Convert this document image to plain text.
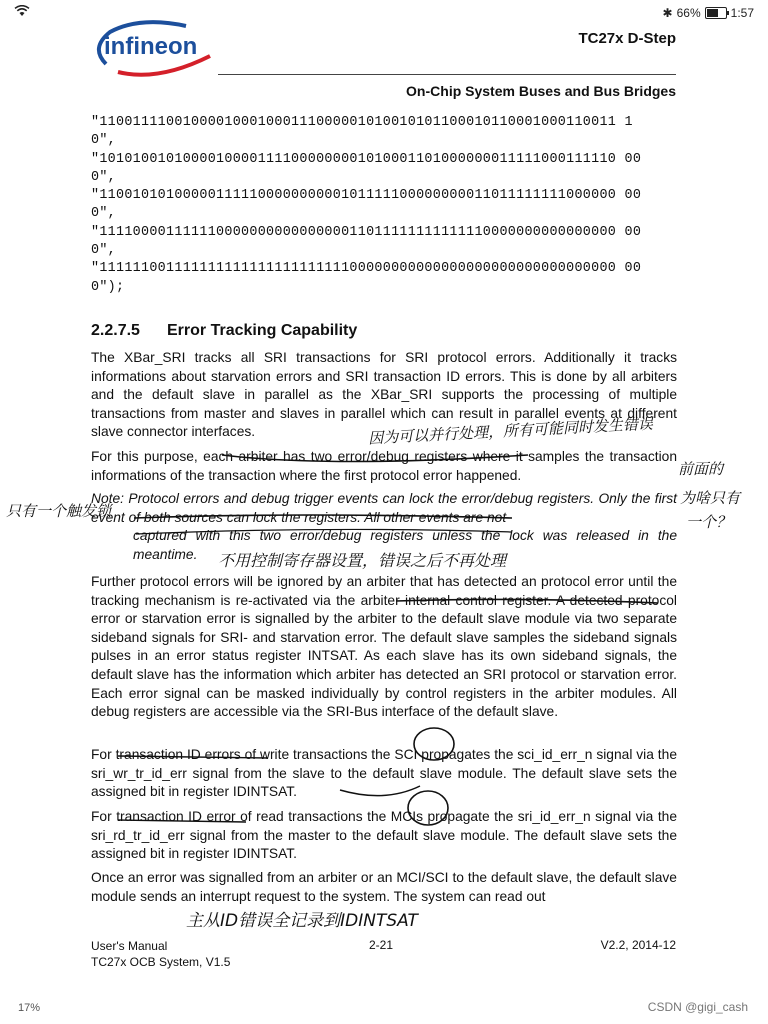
✱ 66%	1:57
infineon	TC27x D-Step
On-Chip System Buses and Bus Bridges
"11001111001000010001000111000001010010101100010110001000110011 1
0",
"10101001010000100001111000000001010001101000000011111000111110 00
0",
"11001010100000111110000000000101111100000000011011111111000000 00
0",
"11110000111111000000000000000011011111111111110000000000000000 00
0",
"11111100111111111111111111111100000000000000000000000000000000 00
0");
2.2.7.5 Error Tracking Capability

The XBar_SRI tracks all SRI transactions for SRI protocol errors. Additionally it tracks informations about starvation errors and SRI transaction ID errors. This is done by all arbiters and the default slave in parallel as the XBar_SRI supports the processing of multiple transactions from master and slaves in parallel which can result in parallel events at different slave connector interfaces.

For this purpose, each arbiter has two error/debug registers where it samples the transaction informations of the transaction where the first protocol error happened.

Note: Protocol errors and debug trigger events can lock the error/debug registers. Only the first event of both sources can lock the registers. All other events are not

captured with this two error/debug registers unless the lock was released in the meantime.

Further protocol errors will be ignored by an arbiter that has detected an protocol error until the tracking mechanism is re-activated via the arbiter internal control register. A detected protocol error or starvation error is signalled by the arbiter to the default slave module via two separate sideband signals for SRI- and starvation error. The default slave samples the sideband signals pulses in an error status register INTSAT. As each slave has its own sideband signals, the default slave has the information which arbiter has detected an SRI protocol or starvation error. Each error signal can be masked individually by control registers in the arbiter modules. All debug registers are accessible via the SRI-Bus interface of the default slave.

For transaction ID errors of write transactions the SCI propagates the sci_id_err_n signal via the sri_wr_tr_id_err signal from the slave to the default slave module. The default slave sets the assigned bit in register IDINTSAT.

For transaction ID error of read transactions the MCIs propagate the sri_id_err_n signal via the sri_rd_tr_id_err signal from the master to the default slave module. The default slave sets the assigned bit in register IDINTSAT.

Once an error was signalled from an arbiter or an MCI/SCI to the default slave, the default slave module sends an interrupt request to the system. The system can read out

因为可以并行处理，所有可能同时发生错误
前面的
只有一个触发锁
为啥只有
一个？
不用控制寄存器设置，错误之后不再处理
主从ID错误全记录到IDINTSAT
User's Manual
TC27x OCB System, V1.5
2-21	V2.2, 2014-12
17%	CSDN @gigi_cash
